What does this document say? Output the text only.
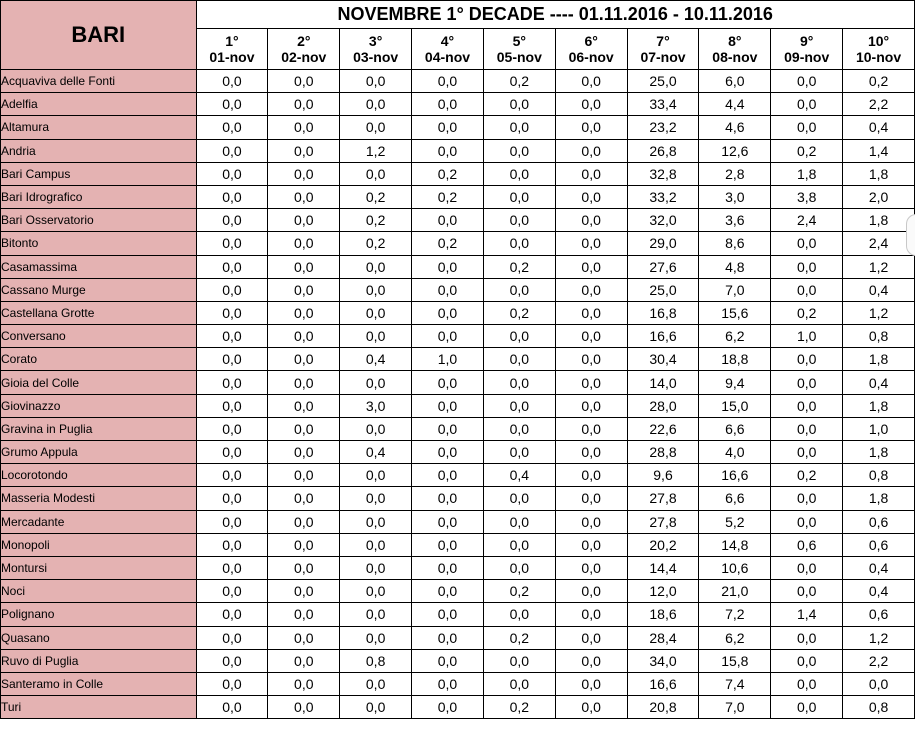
BARI	NOVEMBRE 1° DECADE ---- 01.11.2016 - 10.11.2016									
	1°	2°	3°	4°	5°	6°	7°	8°	9°	10°
	01-nov	02-nov	03-nov	04-nov	05-nov	06-nov	07-nov	08-nov	09-nov	10-nov
Acquaviva delle Fonti	0,0	0,0	0,0	0,0	0,2	0,0	25,0	6,0	0,0	0,2
Adelfia	0,0	0,0	0,0	0,0	0,0	0,0	33,4	4,4	0,0	2,2
Altamura	0,0	0,0	0,0	0,0	0,0	0,0	23,2	4,6	0,0	0,4
Andria	0,0	0,0	1,2	0,0	0,0	0,0	26,8	12,6	0,2	1,4
Bari Campus	0,0	0,0	0,0	0,2	0,0	0,0	32,8	2,8	1,8	1,8
Bari Idrografico	0,0	0,0	0,2	0,2	0,0	0,0	33,2	3,0	3,8	2,0
Bari Osservatorio	0,0	0,0	0,2	0,0	0,0	0,0	32,0	3,6	2,4	1,8
Bitonto	0,0	0,0	0,2	0,2	0,0	0,0	29,0	8,6	0,0	2,4
Casamassima	0,0	0,0	0,0	0,0	0,2	0,0	27,6	4,8	0,0	1,2
Cassano Murge	0,0	0,0	0,0	0,0	0,0	0,0	25,0	7,0	0,0	0,4
Castellana Grotte	0,0	0,0	0,0	0,0	0,2	0,0	16,8	15,6	0,2	1,2
Conversano	0,0	0,0	0,0	0,0	0,0	0,0	16,6	6,2	1,0	0,8
Corato	0,0	0,0	0,4	1,0	0,0	0,0	30,4	18,8	0,0	1,8
Gioia del Colle	0,0	0,0	0,0	0,0	0,0	0,0	14,0	9,4	0,0	0,4
Giovinazzo	0,0	0,0	3,0	0,0	0,0	0,0	28,0	15,0	0,0	1,8
Gravina in Puglia	0,0	0,0	0,0	0,0	0,0	0,0	22,6	6,6	0,0	1,0
Grumo Appula	0,0	0,0	0,4	0,0	0,0	0,0	28,8	4,0	0,0	1,8
Locorotondo	0,0	0,0	0,0	0,0	0,4	0,0	9,6	16,6	0,2	0,8
Masseria Modesti	0,0	0,0	0,0	0,0	0,0	0,0	27,8	6,6	0,0	1,8
Mercadante	0,0	0,0	0,0	0,0	0,0	0,0	27,8	5,2	0,0	0,6
Monopoli	0,0	0,0	0,0	0,0	0,0	0,0	20,2	14,8	0,6	0,6
Montursi	0,0	0,0	0,0	0,0	0,0	0,0	14,4	10,6	0,0	0,4
Noci	0,0	0,0	0,0	0,0	0,2	0,0	12,0	21,0	0,0	0,4
Polignano	0,0	0,0	0,0	0,0	0,0	0,0	18,6	7,2	1,4	0,6
Quasano	0,0	0,0	0,0	0,0	0,2	0,0	28,4	6,2	0,0	1,2
Ruvo di Puglia	0,0	0,0	0,8	0,0	0,0	0,0	34,0	15,8	0,0	2,2
Santeramo in Colle	0,0	0,0	0,0	0,0	0,0	0,0	16,6	7,4	0,0	0,0
Turi	0,0	0,0	0,0	0,0	0,2	0,0	20,8	7,0	0,0	0,8
